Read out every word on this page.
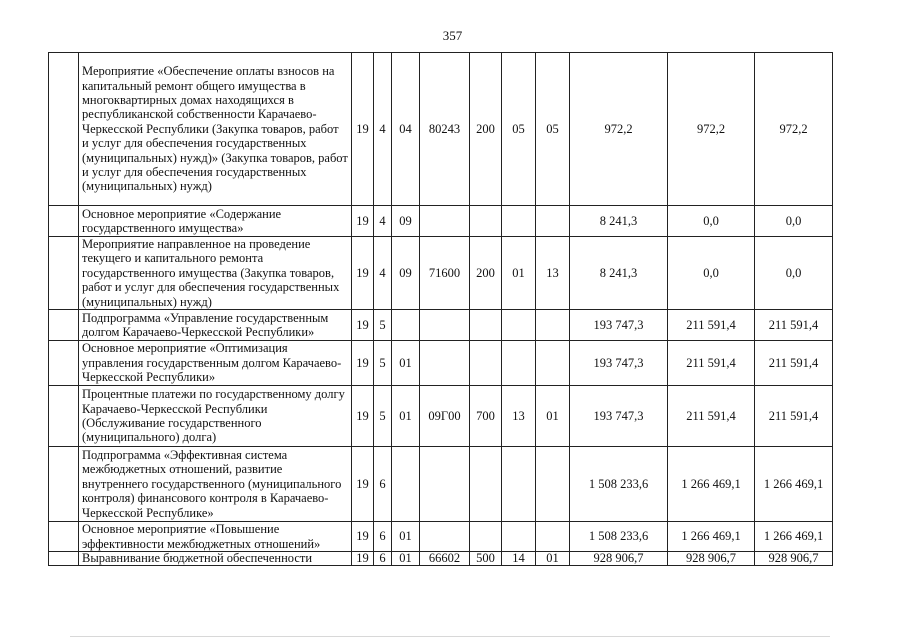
357
	Мероприятие «Обеспечение оплаты взносов на капитальный ремонт общего имущества в многоквартирных домах находящихся в республиканской собственности Карачаево-Черкесской Республики (Закупка товаров, работ и услуг для обеспечения государственных (муниципальных) нужд)» (Закупка товаров, работ и услуг для обеспечения государственных (муниципальных) нужд)	19	4	04	80243	200	05	05	972,2	972,2	972,2
	Основное мероприятие «Содержание государственного имущества»	19	4	09					8 241,3	0,0	0,0
	Мероприятие направленное на проведение текущего и капитального ремонта государственного имущества (Закупка товаров, работ и услуг для обеспечения государственных (муниципальных) нужд)	19	4	09	71600	200	01	13	8 241,3	0,0	0,0
	Подпрограмма «Управление государственным долгом Карачаево-Черкесской Республики»	19	5						193 747,3	211 591,4	211 591,4
	Основное мероприятие «Оптимизация управления государственным долгом Карачаево-Черкесской Республики»	19	5	01					193 747,3	211 591,4	211 591,4
	Процентные платежи по государственному долгу Карачаево-Черкесской Республики (Обслуживание государственного (муниципального) долга)	19	5	01	09Г00	700	13	01	193 747,3	211 591,4	211 591,4
	Подпрограмма «Эффективная система межбюджетных отношений, развитие внутреннего государственного (муниципального контроля) финансового контроля в Карачаево-Черкесской Республике»	19	6						1 508 233,6	1 266 469,1	1 266 469,1
	Основное мероприятие «Повышение эффективности межбюджетных отношений»	19	6	01					1 508 233,6	1 266 469,1	1 266 469,1
	Выравнивание бюджетной обеспеченности	19	6	01	66602	500	14	01	928 906,7	928 906,7	928 906,7
